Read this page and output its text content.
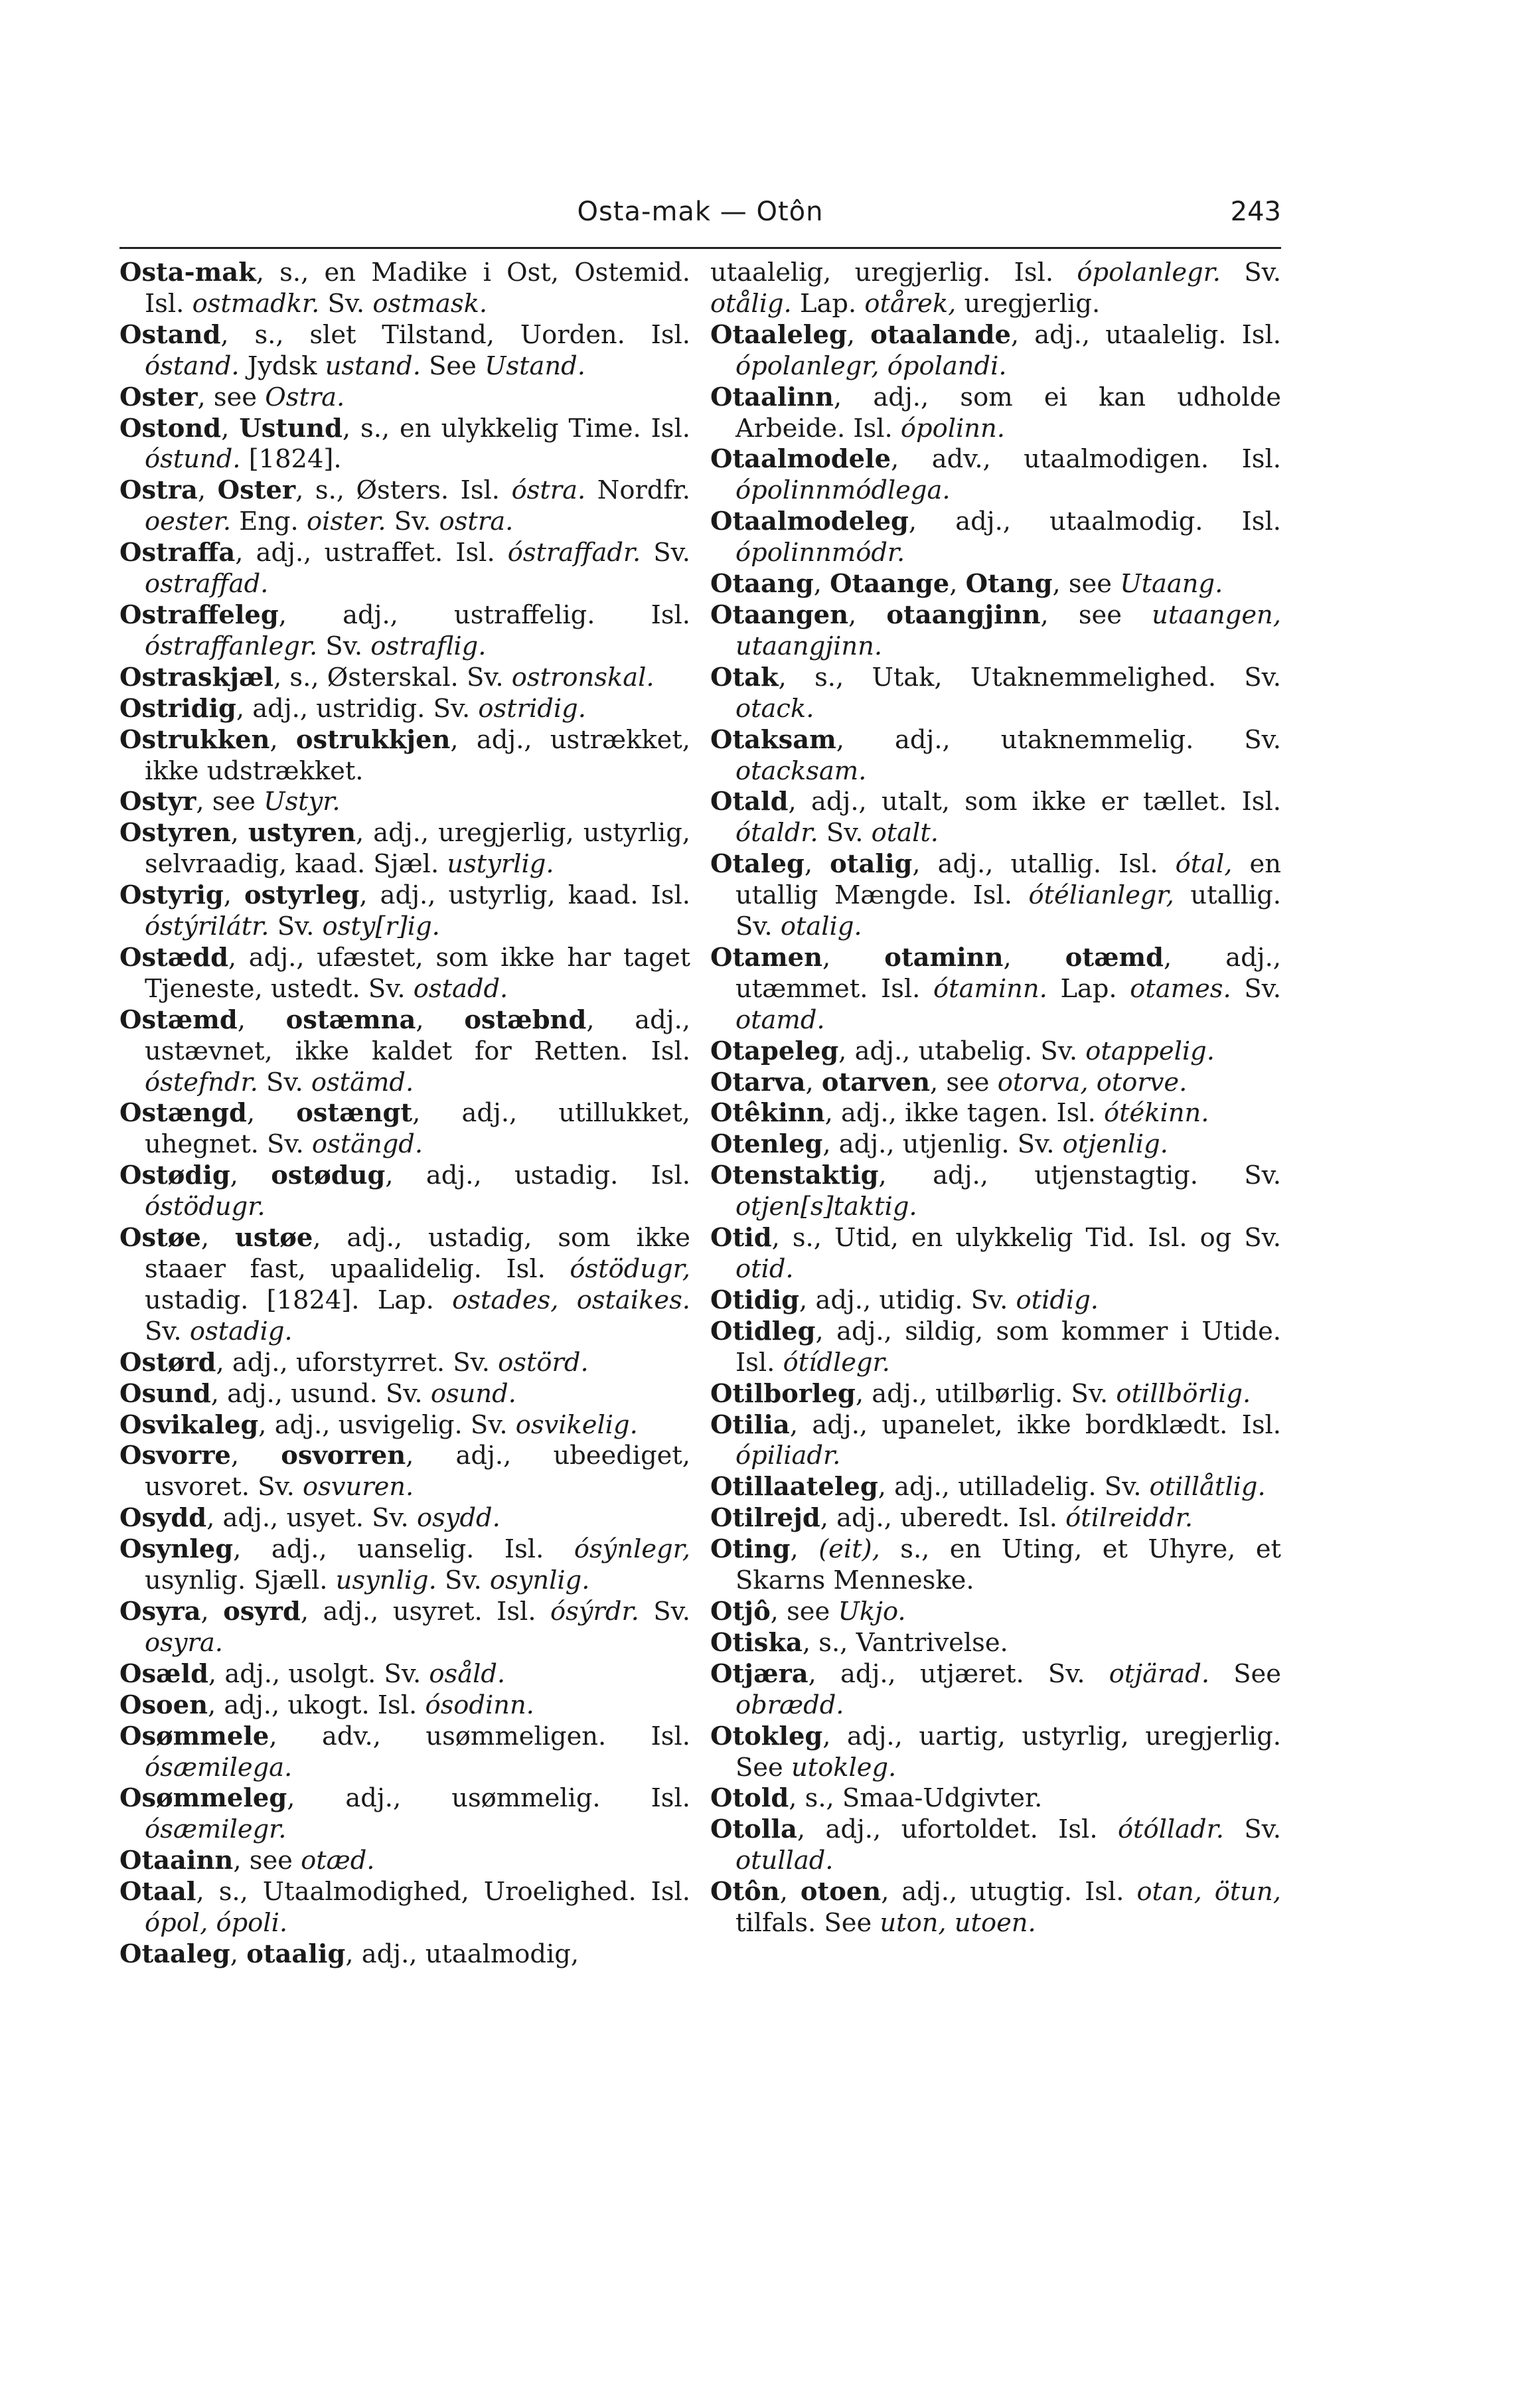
Osta-mak — Otôn	243

Osta-mak, s., en Madike i Ost, Ostemid. Isl. ostmadkr. Sv. ostmask.

Ostand, s., slet Tilstand, Uorden. Isl. óstand. Jydsk ustand. See Ustand.

Oster, see Ostra.

Ostond, Ustund, s., en ulykkelig Time. Isl. óstund. [1824].

Ostra, Oster, s., Østers. Isl. óstra. Nordfr. oester. Eng. oister. Sv. ostra.

Ostraffa, adj., ustraffet. Isl. óstraffadr. Sv. ostraffad.

Ostraffeleg, adj., ustraffelig. Isl. óstraffanlegr. Sv. ostraflig.

Ostraskjæl, s., Østerskal. Sv. ostronskal.

Ostridig, adj., ustridig. Sv. ostridig.

Ostrukken, ostrukkjen, adj., ustrækket, ikke udstrækket.

Ostyr, see Ustyr.

Ostyren, ustyren, adj., uregjerlig, ustyrlig, selvraadig, kaad. Sjæl. ustyrlig.

Ostyrig, ostyrleg, adj., ustyrlig, kaad. Isl. óstýrilátr. Sv. osty[r]ig.

Ostædd, adj., ufæstet, som ikke har taget Tjeneste, ustedt. Sv. ostadd.

Ostæmd, ostæmna, ostæbnd, adj., ustævnet, ikke kaldet for Retten. Isl. óstefndr. Sv. ostämd.

Ostængd, ostængt, adj., utillukket, uhegnet. Sv. ostängd.

Ostødig, ostødug, adj., ustadig. Isl. óstödugr.

Ostøe, ustøe, adj., ustadig, som ikke staaer fast, upaalidelig. Isl. óstödugr, ustadig. [1824]. Lap. ostades, ostaikes. Sv. ostadig.

Ostørd, adj., uforstyrret. Sv. ostörd.

Osund, adj., usund. Sv. osund.

Osvikaleg, adj., usvigelig. Sv. osvikelig.

Osvorre, osvorren, adj., ubeediget, usvoret. Sv. osvuren.

Osydd, adj., usyet. Sv. osydd.

Osynleg, adj., uanselig. Isl. ósýnlegr, usynlig. Sjæll. usynlig. Sv. osynlig.

Osyra, osyrd, adj., usyret. Isl. ósýrdr. Sv. osyra.

Osæld, adj., usolgt. Sv. osåld.

Osoen, adj., ukogt. Isl. ósodinn.

Osømmele, adv., usømmeligen. Isl. ósæmilega.

Osømmeleg, adj., usømmelig. Isl. ósæmilegr.

Otaainn, see otæd.

Otaal, s., Utaalmodighed, Uroelighed. Isl. ópol, ópoli.

Otaaleg, otaalig, adj., utaalmodig,

utaalelig, uregjerlig. Isl. ópolanlegr. Sv. otålig. Lap. otårek, uregjerlig.

Otaaleleg, otaalande, adj., utaalelig. Isl. ópolanlegr, ópolandi.

Otaalinn, adj., som ei kan udholde Arbeide. Isl. ópolinn.

Otaalmodele, adv., utaalmodigen. Isl. ópolinnmódlega.

Otaalmodeleg, adj., utaalmodig. Isl. ópolinnmódr.

Otaang, Otaange, Otang, see Utaang.

Otaangen, otaangjinn, see utaangen, utaangjinn.

Otak, s., Utak, Utaknemmelighed. Sv. otack.

Otaksam, adj., utaknemmelig. Sv. otacksam.

Otald, adj., utalt, som ikke er tællet. Isl. ótaldr. Sv. otalt.

Otaleg, otalig, adj., utallig. Isl. ótal, en utallig Mængde. Isl. ótélianlegr, utallig. Sv. otalig.

Otamen, otaminn, otæmd, adj., utæmmet. Isl. ótaminn. Lap. otames. Sv. otamd.

Otapeleg, adj., utabelig. Sv. otappelig.

Otarva, otarven, see otorva, otorve.

Otêkinn, adj., ikke tagen. Isl. ótékinn.

Otenleg, adj., utjenlig. Sv. otjenlig.

Otenstaktig, adj., utjenstagtig. Sv. otjen[s]taktig.

Otid, s., Utid, en ulykkelig Tid. Isl. og Sv. otid.

Otidig, adj., utidig. Sv. otidig.

Otidleg, adj., sildig, som kommer i Utide. Isl. ótídlegr.

Otilborleg, adj., utilbørlig. Sv. otillbörlig.

Otilia, adj., upanelet, ikke bordklædt. Isl. ópiliadr.

Otillaateleg, adj., utilladelig. Sv. otillåtlig.

Otilrejd, adj., uberedt. Isl. ótilreiddr.

Oting, (eit), s., en Uting, et Uhyre, et Skarns Menneske.

Otjô, see Ukjo.

Otiska, s., Vantrivelse.

Otjæra, adj., utjæret. Sv. otjärad. See obrædd.

Otokleg, adj., uartig, ustyrlig, uregjerlig. See utokleg.

Otold, s., Smaa-Udgivter.

Otolla, adj., ufortoldet. Isl. ótólladr. Sv. otullad.

Otôn, otoen, adj., utugtig. Isl. otan, ötun, tilfals. See uton, utoen.
